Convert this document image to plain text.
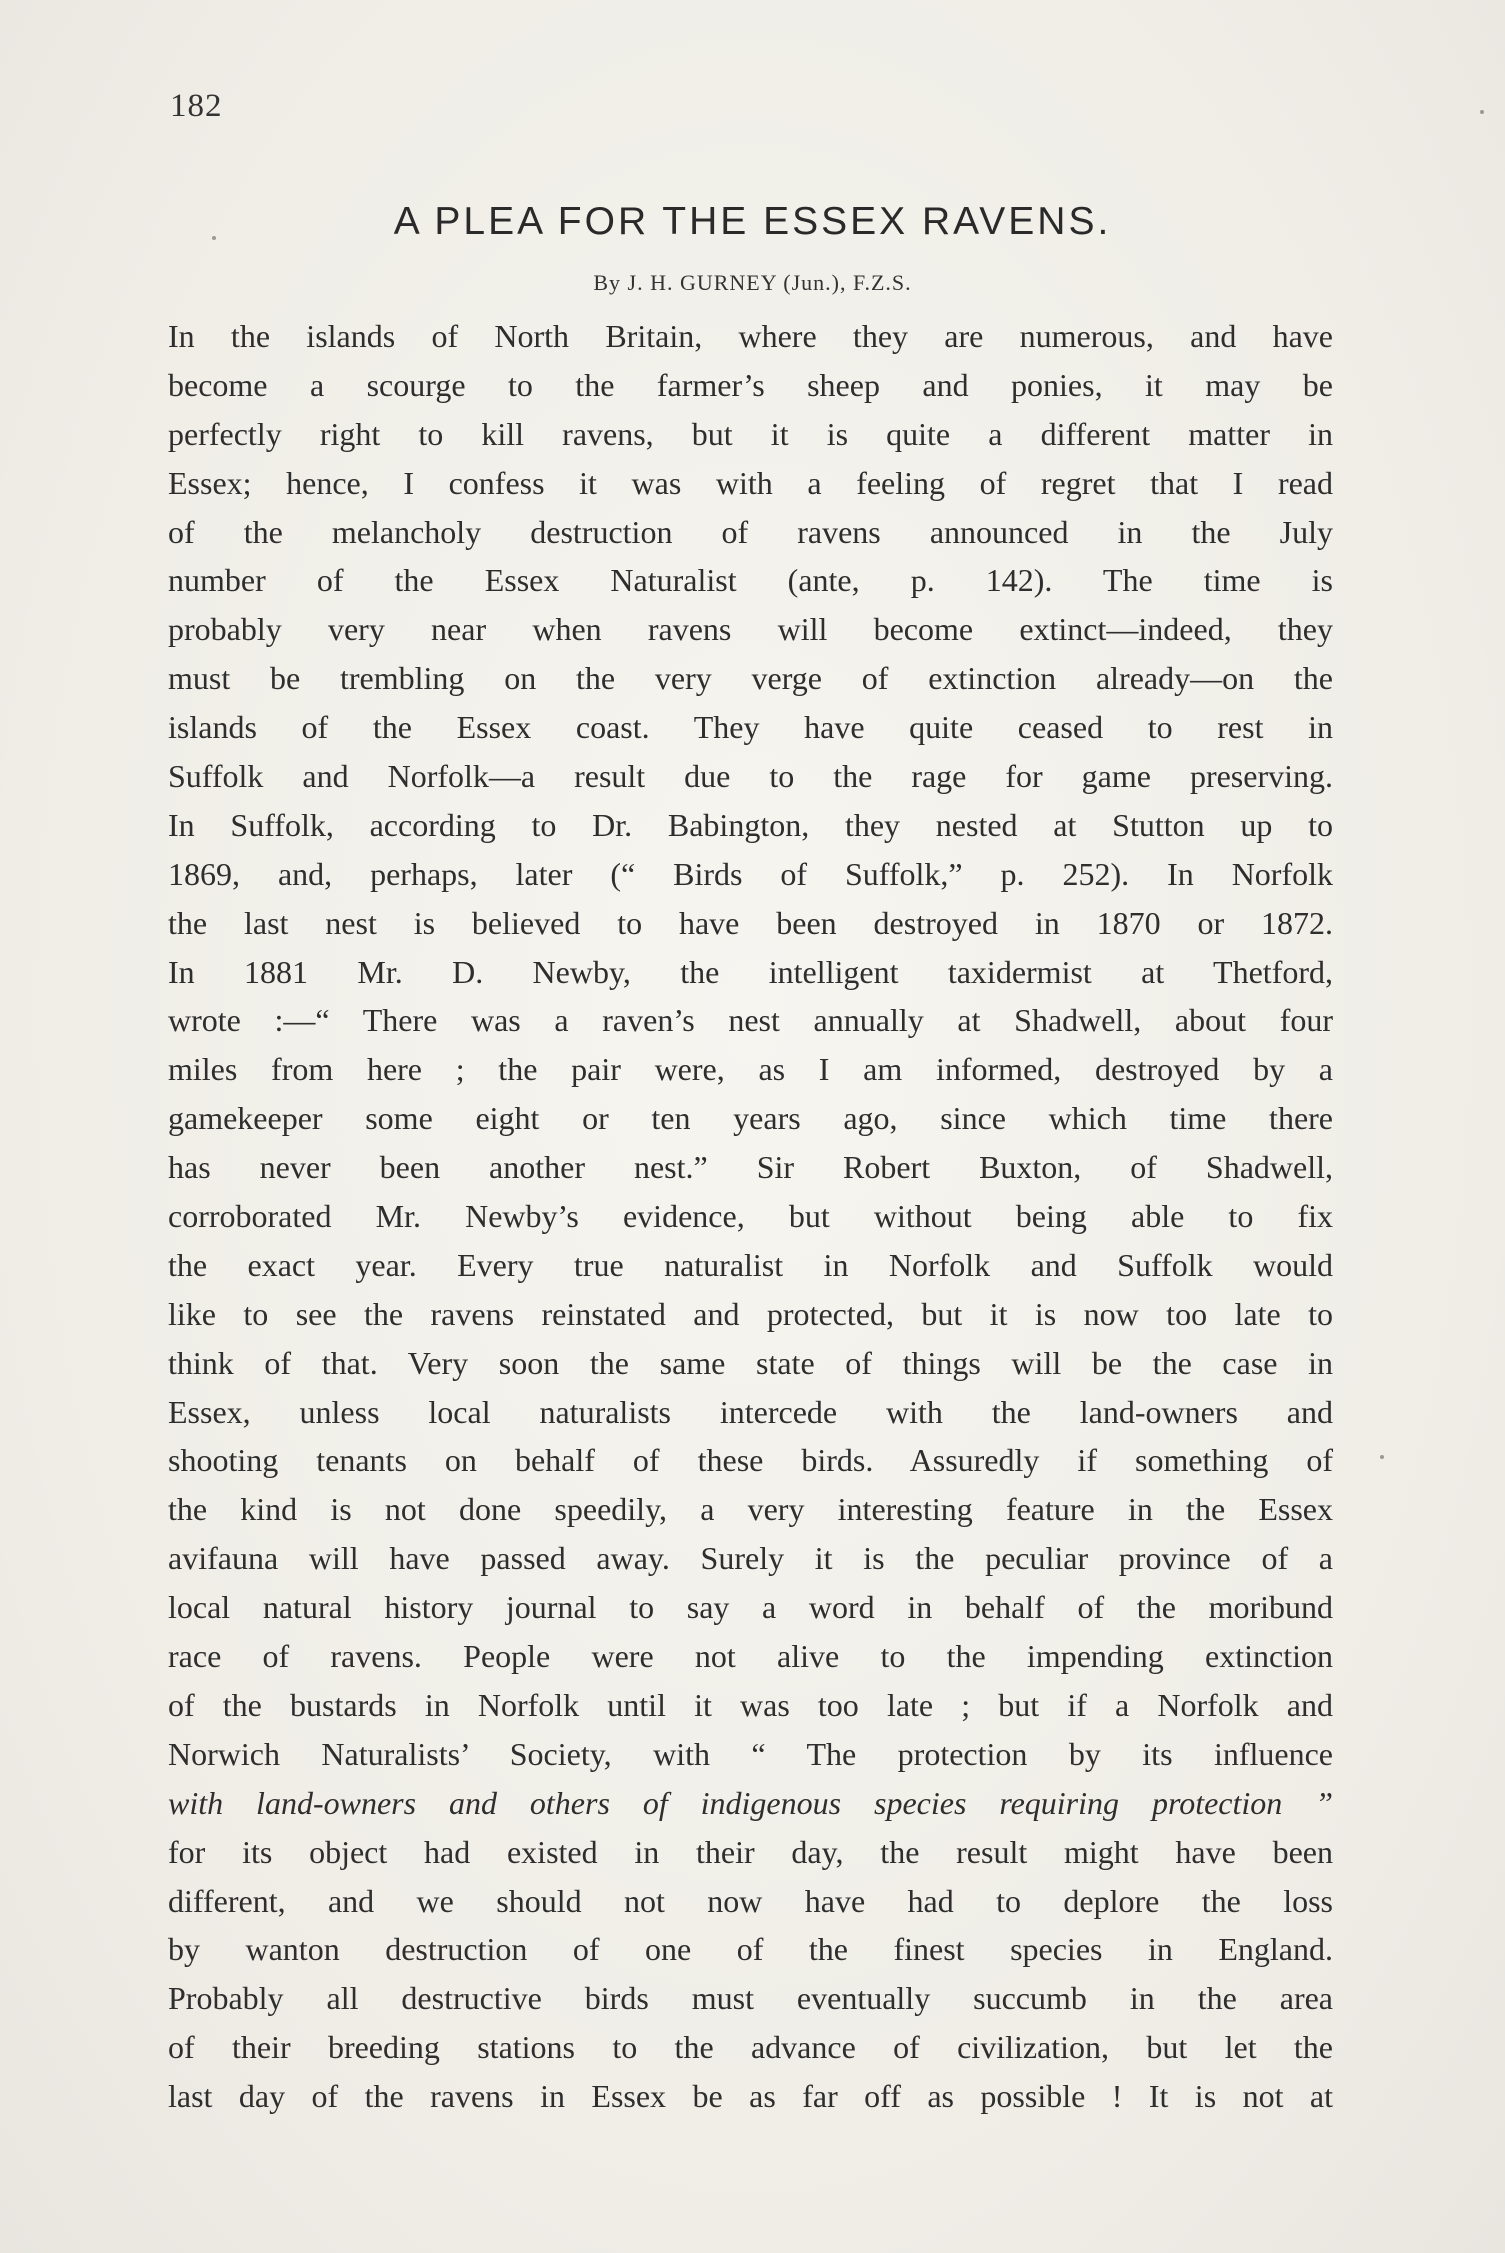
182
A PLEA FOR THE ESSEX RAVENS.
By J. H. GURNEY (Jun.), F.Z.S.
In the islands of North Britain, where they are numerous, and have
become a scourge to the farmer’s sheep and ponies, it may be
perfectly right to kill ravens, but it is quite a different matter in
Essex; hence, I confess it was with a feeling of regret that I read
of the melancholy destruction of ravens announced in the July
number of the Essex Naturalist (ante, p. 142). The time is
probably very near when ravens will become extinct—indeed, they
must be trembling on the very verge of extinction already—on the
islands of the Essex coast. They have quite ceased to rest in
Suffolk and Norfolk—a result due to the rage for game preserving.
In Suffolk, according to Dr. Babington, they nested at Stutton up to
1869, and, perhaps, later (“ Birds of Suffolk,” p. 252). In Norfolk
the last nest is believed to have been destroyed in 1870 or 1872.
In 1881 Mr. D. Newby, the intelligent taxidermist at Thetford,
wrote :—“ There was a raven’s nest annually at Shadwell, about four
miles from here ; the pair were, as I am informed, destroyed by a
gamekeeper some eight or ten years ago, since which time there
has never been another nest.” Sir Robert Buxton, of Shadwell,
corroborated Mr. Newby’s evidence, but without being able to fix
the exact year. Every true naturalist in Norfolk and Suffolk would
like to see the ravens reinstated and protected, but it is now too late to
think of that. Very soon the same state of things will be the case in
Essex, unless local naturalists intercede with the land-owners and
shooting tenants on behalf of these birds. Assuredly if something of
the kind is not done speedily, a very interesting feature in the Essex
avifauna will have passed away. Surely it is the peculiar province of a
local natural history journal to say a word in behalf of the moribund
race of ravens. People were not alive to the impending extinction
of the bustards in Norfolk until it was too late ; but if a Norfolk and
Norwich Naturalists’ Society, with “ The protection by its influence
with land-owners and others of indigenous species requiring protection ”
for its object had existed in their day, the result might have been
different, and we should not now have had to deplore the loss
by wanton destruction of one of the finest species in England.
Probably all destructive birds must eventually succumb in the area
of their breeding stations to the advance of civilization, but let the
last day of the ravens in Essex be as far off as possible ! It is not at
